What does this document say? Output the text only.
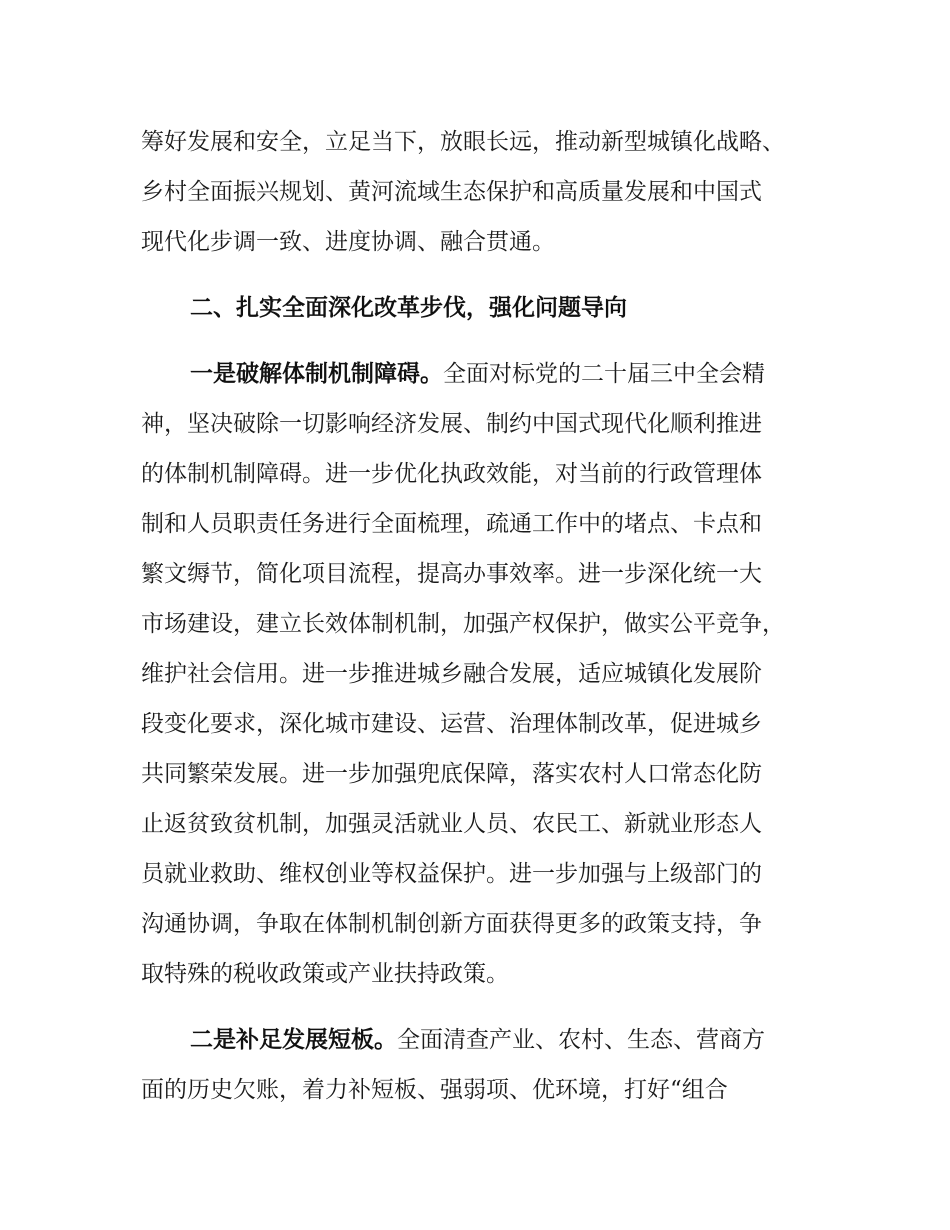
筹好发展和安全，立足当下，放眼长远，推动新型城镇化战略、
乡村全面振兴规划、黄河流域生态保护和高质量发展和中国式
现代化步调一致、进度协调、融合贯通。
二、扎实全面深化改革步伐，强化问题导向
一是破解体制机制障碍。全面对标党的二十届三中全会精
神，坚决破除一切影响经济发展、制约中国式现代化顺利推进
的体制机制障碍。进一步优化执政效能，对当前的行政管理体
制和人员职责任务进行全面梳理，疏通工作中的堵点、卡点和
繁文缛节，简化项目流程，提高办事效率。进一步深化统一大
市场建设，建立长效体制机制，加强产权保护，做实公平竞争，
维护社会信用。进一步推进城乡融合发展，适应城镇化发展阶
段变化要求，深化城市建设、运营、治理体制改革，促进城乡
共同繁荣发展。进一步加强兜底保障，落实农村人口常态化防
止返贫致贫机制，加强灵活就业人员、农民工、新就业形态人
员就业救助、维权创业等权益保护。进一步加强与上级部门的
沟通协调，争取在体制机制创新方面获得更多的政策支持，争
取特殊的税收政策或产业扶持政策。
二是补足发展短板。全面清查产业、农村、生态、营商方
面的历史欠账，着力补短板、强弱项、优环境，打好“组合
